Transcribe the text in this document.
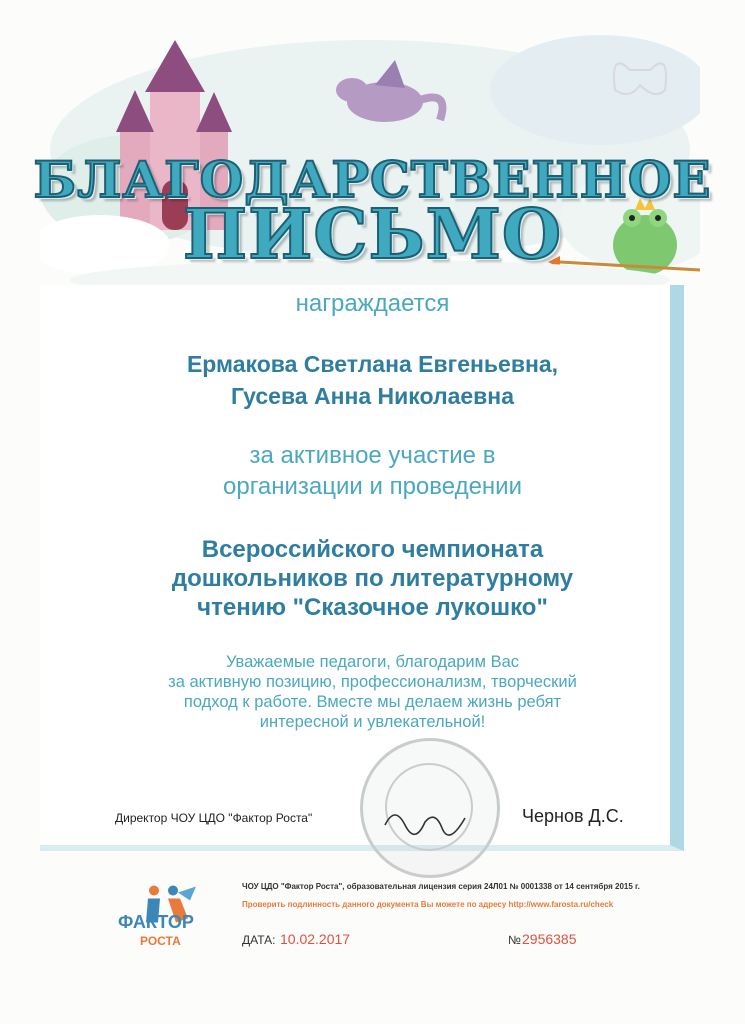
БЛАГОДАРСТВЕННОЕ
ПИСЬМО
награждается
Ермакова Светлана Евгеньевна,
Гусева Анна Николаевна
за активное участие в
организации и проведении
Всероссийского чемпионата
дошкольников по литературному
чтению "Сказочное лукошко"
Уважаемые педагоги, благодарим Вас
за активную позицию, профессионализм, творческий
подход к работе. Вместе мы делаем жизнь ребят
интересной и увлекательной!
Директор ЧОУ ЦДО "Фактор Роста"	Чернов Д.С.
ФАКТОР
РОСТА
ЧОУ ЦДО "Фактор Роста", образовательная лицензия серия 24Л01 № 0001338 от 14 сентября 2015 г.
Проверить подлинность данного документа Вы можете по адресу http://www.farosta.ru/check
ДАТА: 10.02.2017	№ 2956385
